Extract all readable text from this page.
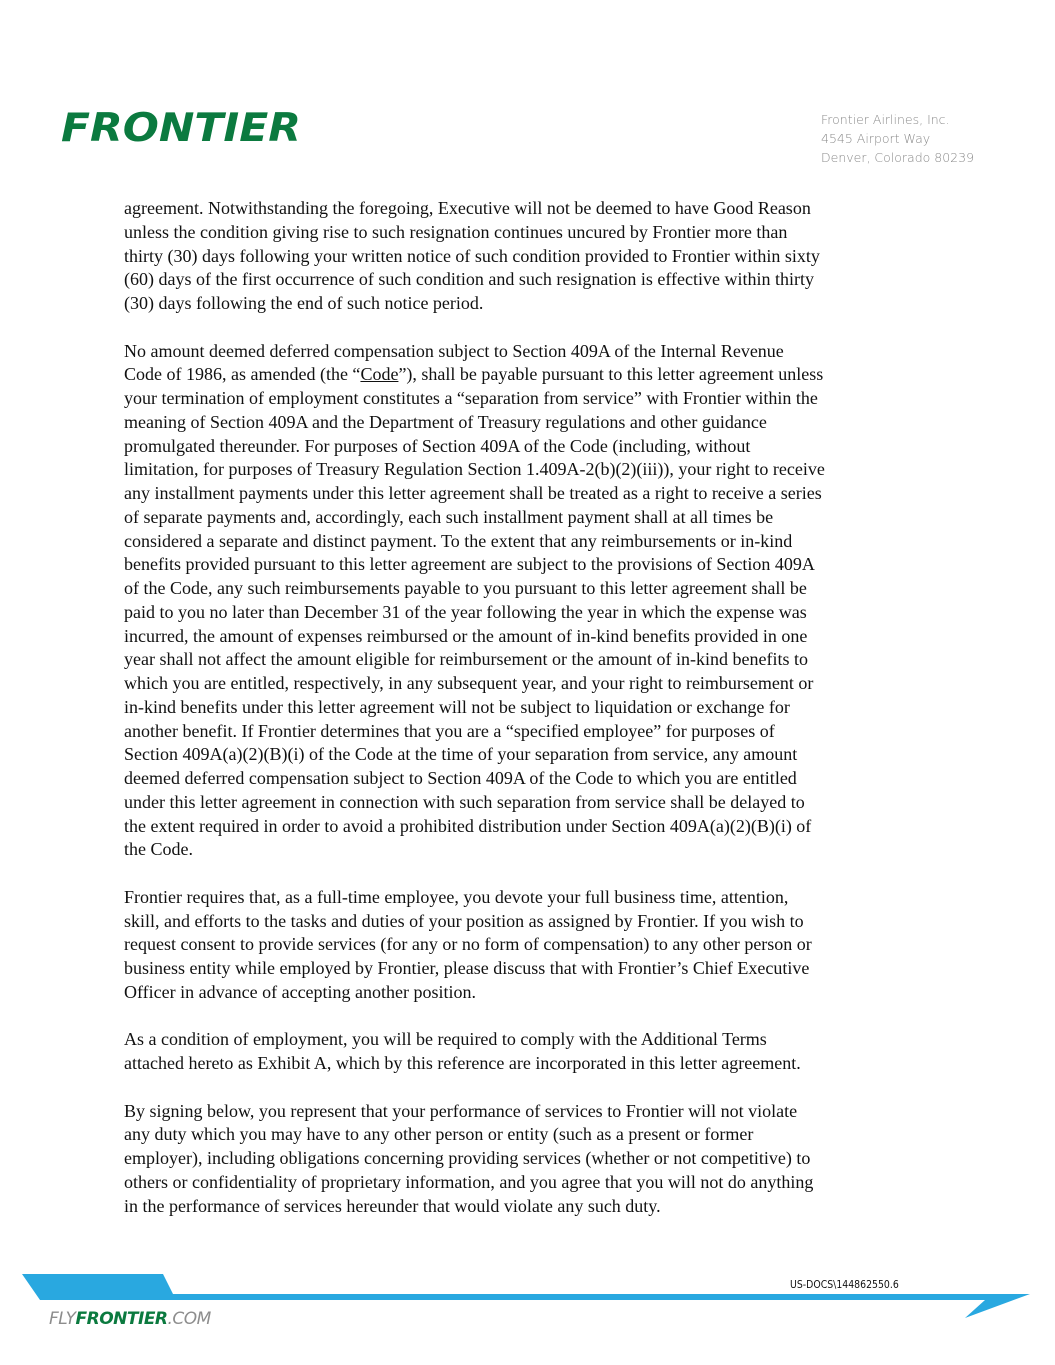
FRONTIER	Frontier Airlines, Inc.
4545 Airport Way
Denver, Colorado 80239
agreement. Notwithstanding the foregoing, Executive will not be deemed to have Good Reason
unless the condition giving rise to such resignation continues uncured by Frontier more than
thirty (30) days following your written notice of such condition provided to Frontier within sixty
(60) days of the first occurrence of such condition and such resignation is effective within thirty
(30) days following the end of such notice period.
No amount deemed deferred compensation subject to Section 409A of the Internal Revenue
Code of 1986, as amended (the “Code”), shall be payable pursuant to this letter agreement unless
your termination of employment constitutes a “separation from service” with Frontier within the
meaning of Section 409A and the Department of Treasury regulations and other guidance
promulgated thereunder. For purposes of Section 409A of the Code (including, without
limitation, for purposes of Treasury Regulation Section 1.409A-2(b)(2)(iii)), your right to receive
any installment payments under this letter agreement shall be treated as a right to receive a series
of separate payments and, accordingly, each such installment payment shall at all times be
considered a separate and distinct payment. To the extent that any reimbursements or in-kind
benefits provided pursuant to this letter agreement are subject to the provisions of Section 409A
of the Code, any such reimbursements payable to you pursuant to this letter agreement shall be
paid to you no later than December 31 of the year following the year in which the expense was
incurred, the amount of expenses reimbursed or the amount of in-kind benefits provided in one
year shall not affect the amount eligible for reimbursement or the amount of in-kind benefits to
which you are entitled, respectively, in any subsequent year, and your right to reimbursement or
in-kind benefits under this letter agreement will not be subject to liquidation or exchange for
another benefit. If Frontier determines that you are a “specified employee” for purposes of
Section 409A(a)(2)(B)(i) of the Code at the time of your separation from service, any amount
deemed deferred compensation subject to Section 409A of the Code to which you are entitled
under this letter agreement in connection with such separation from service shall be delayed to
the extent required in order to avoid a prohibited distribution under Section 409A(a)(2)(B)(i) of
the Code.
Frontier requires that, as a full-time employee, you devote your full business time, attention,
skill, and efforts to the tasks and duties of your position as assigned by Frontier. If you wish to
request consent to provide services (for any or no form of compensation) to any other person or
business entity while employed by Frontier, please discuss that with Frontier’s Chief Executive
Officer in advance of accepting another position.
As a condition of employment, you will be required to comply with the Additional Terms
attached hereto as Exhibit A, which by this reference are incorporated in this letter agreement.
By signing below, you represent that your performance of services to Frontier will not violate
any duty which you may have to any other person or entity (such as a present or former
employer), including obligations concerning providing services (whether or not competitive) to
others or confidentiality of proprietary information, and you agree that you will not do anything
in the performance of services hereunder that would violate any such duty.
US-DOCS\144862550.6
FLYFRONTIER.COM
